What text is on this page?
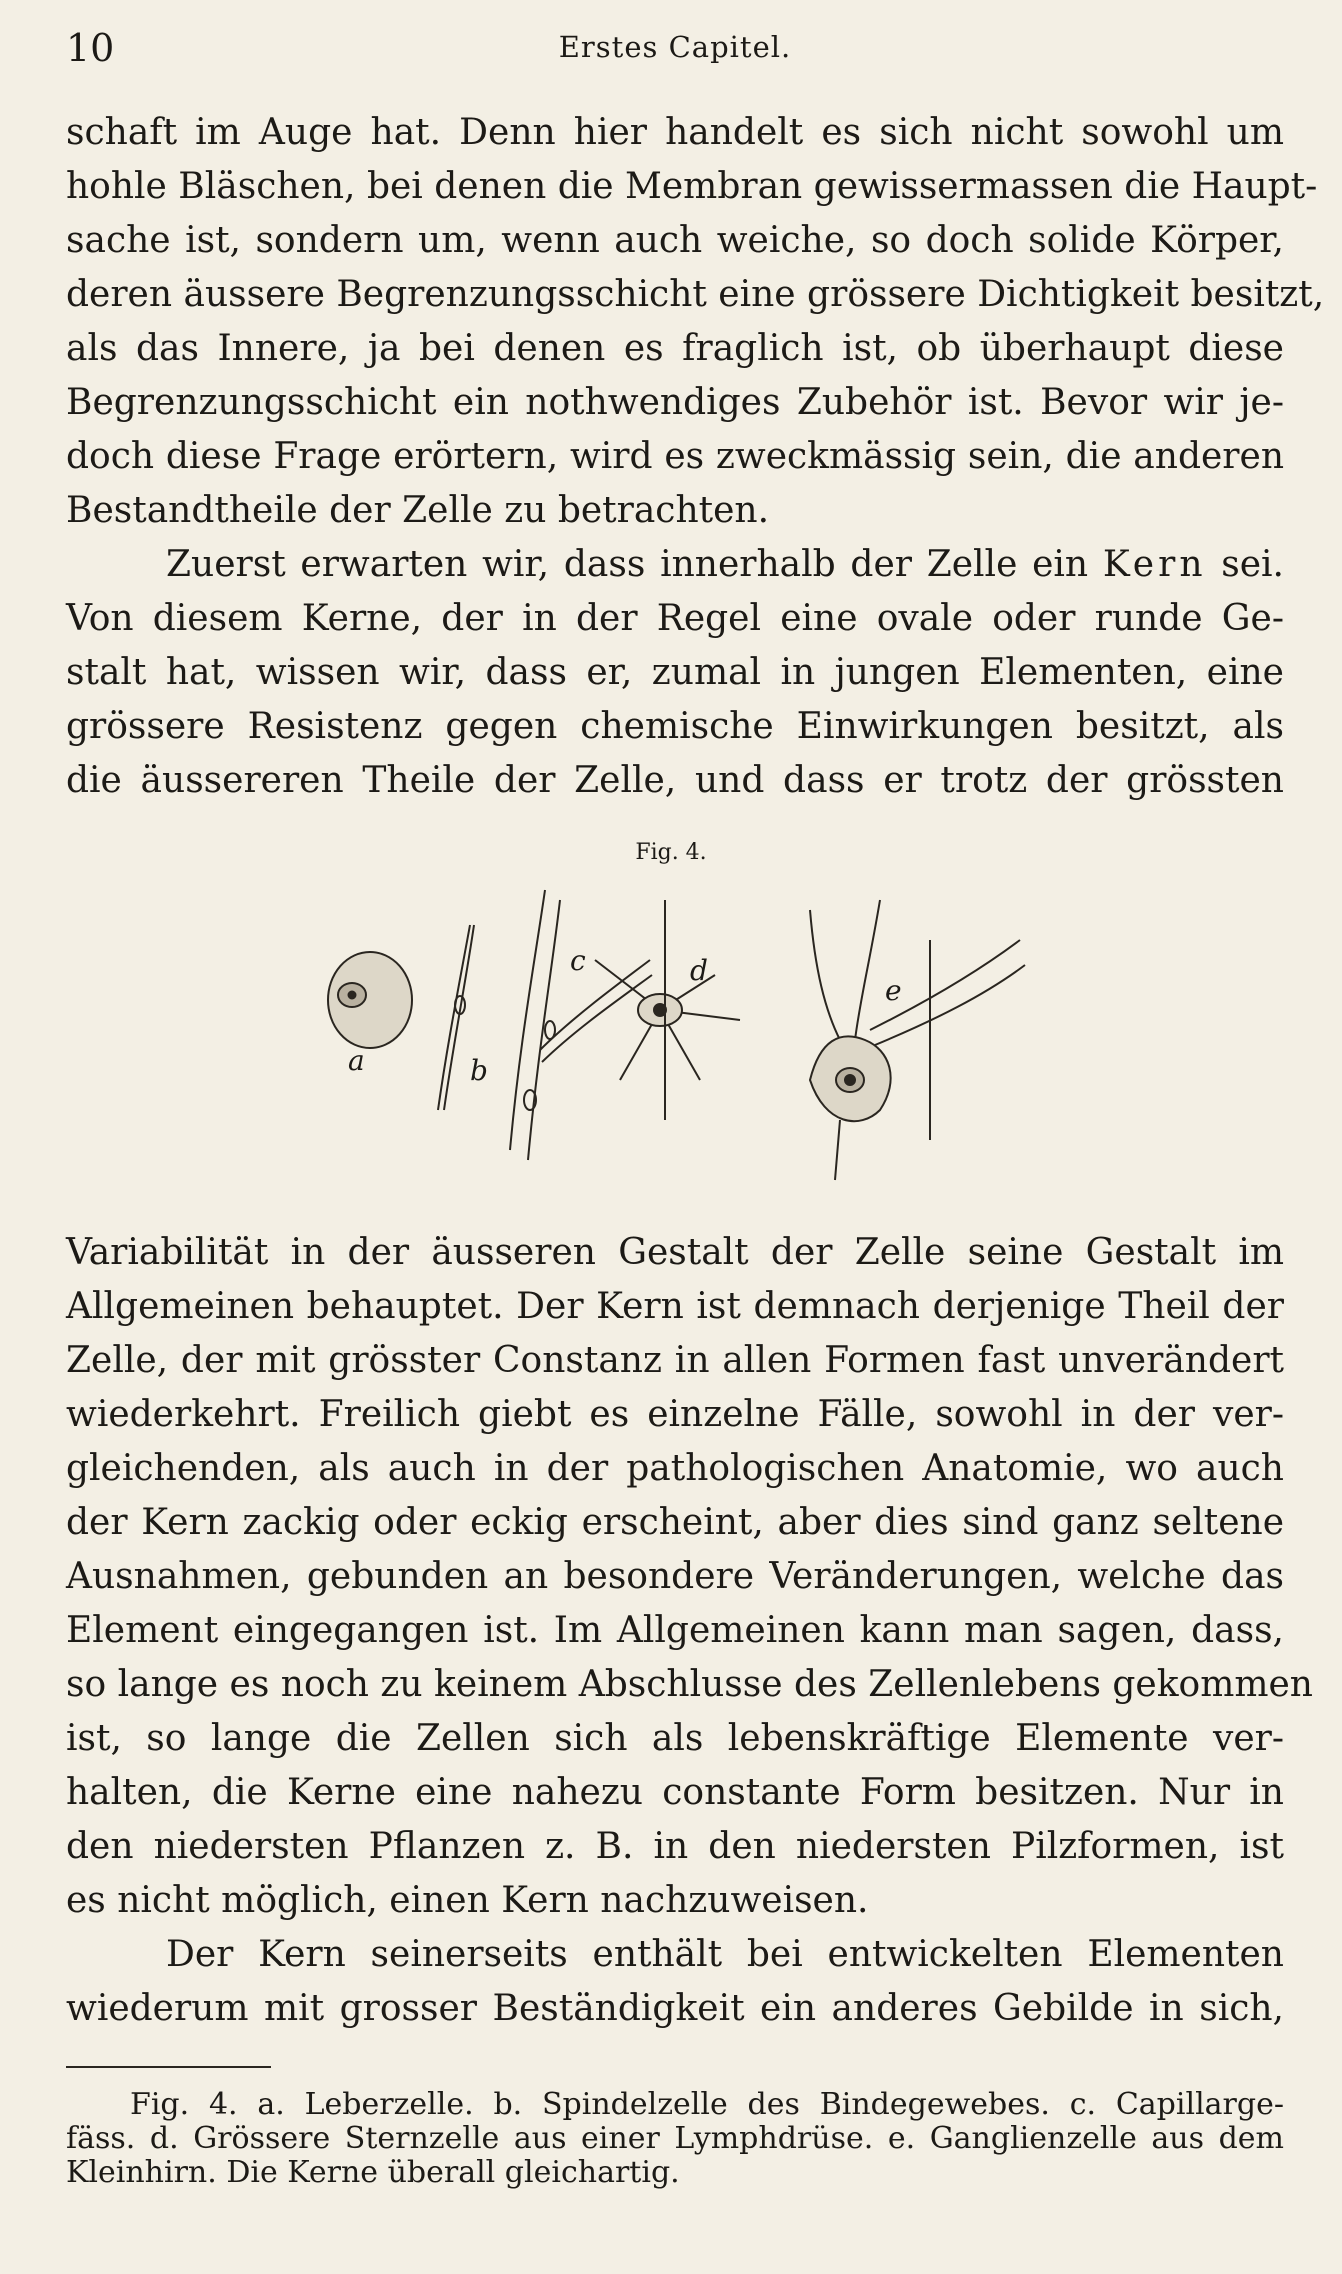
10	Erstes Capitel.
schaft im Auge hat. Denn hier handelt es sich nicht sowohl um
hohle Bläschen, bei denen die Membran gewissermassen die Haupt-
sache ist, sondern um, wenn auch weiche, so doch solide Körper,
deren äussere Begrenzungsschicht eine grössere Dichtigkeit besitzt,
als das Innere, ja bei denen es fraglich ist, ob überhaupt diese
Begrenzungsschicht ein nothwendiges Zubehör ist. Bevor wir je-
doch diese Frage erörtern, wird es zweckmässig sein, die anderen
Bestandtheile der Zelle zu betrachten.
Zuerst erwarten wir, dass innerhalb der Zelle ein Kern sei.
Von diesem Kerne, der in der Regel eine ovale oder runde Ge-
stalt hat, wissen wir, dass er, zumal in jungen Elementen, eine
grössere Resistenz gegen chemische Einwirkungen besitzt, als
die äussereren Theile der Zelle, und dass er trotz der grössten
Fig. 4.
a	b
c	d
e
Variabilität in der äusseren Gestalt der Zelle seine Gestalt im
Allgemeinen behauptet. Der Kern ist demnach derjenige Theil der
Zelle, der mit grösster Constanz in allen Formen fast unverändert
wiederkehrt. Freilich giebt es einzelne Fälle, sowohl in der ver-
gleichenden, als auch in der pathologischen Anatomie, wo auch
der Kern zackig oder eckig erscheint, aber dies sind ganz seltene
Ausnahmen, gebunden an besondere Veränderungen, welche das
Element eingegangen ist. Im Allgemeinen kann man sagen, dass,
so lange es noch zu keinem Abschlusse des Zellenlebens gekommen
ist, so lange die Zellen sich als lebenskräftige Elemente ver-
halten, die Kerne eine nahezu constante Form besitzen. Nur in
den niedersten Pflanzen z. B. in den niedersten Pilzformen, ist
es nicht möglich, einen Kern nachzuweisen.
Der Kern seinerseits enthält bei entwickelten Elementen
wiederum mit grosser Beständigkeit ein anderes Gebilde in sich,
Fig. 4. a. Leberzelle. b. Spindelzelle des Bindegewebes. c. Capillarge-
fäss. d. Grössere Sternzelle aus einer Lymphdrüse. e. Ganglienzelle aus dem
Kleinhirn. Die Kerne überall gleichartig.
